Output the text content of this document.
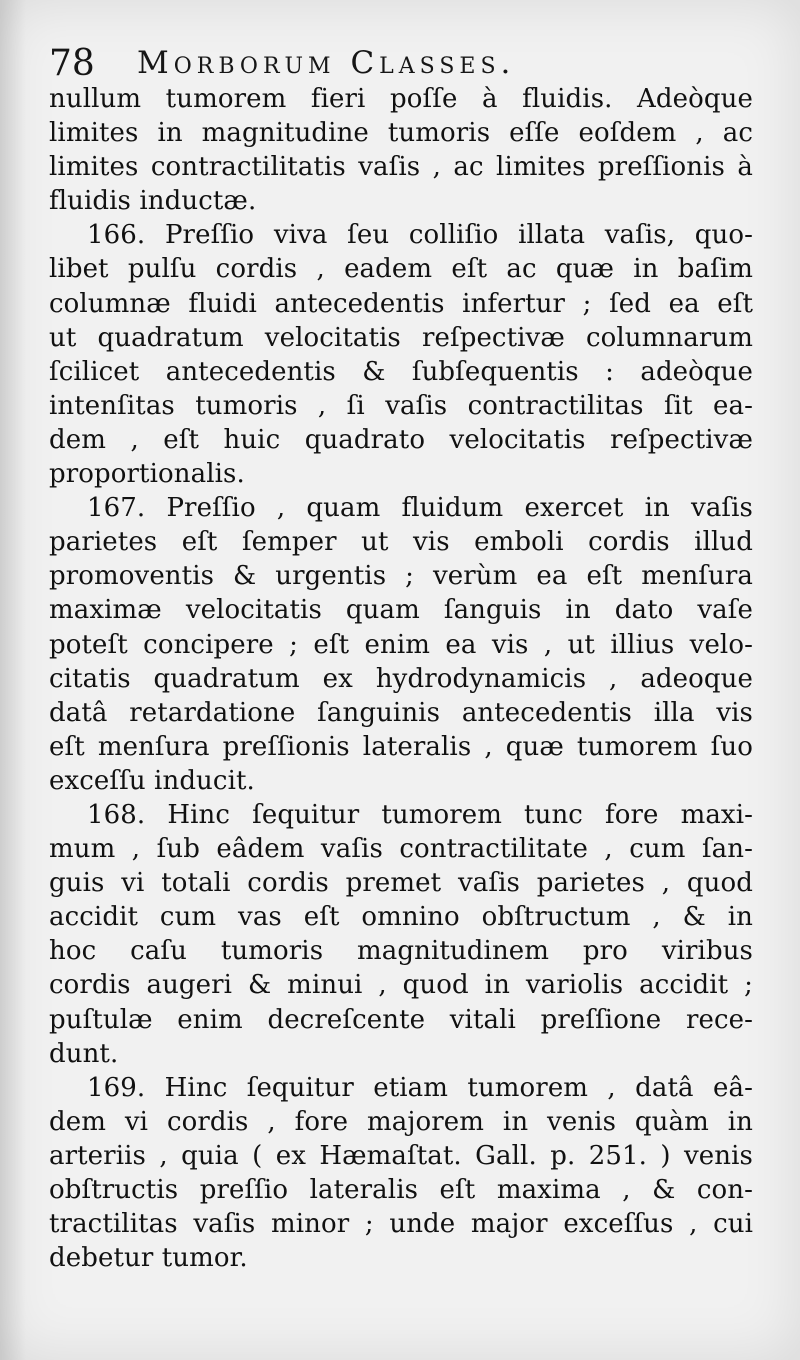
78 Morborum Classes.
nullum tumorem fieri poſſe à fluidis. Adeòque
limites in magnitudine tumoris eſſe eoſdem , ac
limites contractilitatis vaſis , ac limites preſſionis à
fluidis inductæ.
166. Preſſio viva ſeu colliſio illata vaſis, quo-
libet pulſu cordis , eadem eſt ac quæ in baſim
columnæ fluidi antecedentis infertur ; ſed ea eſt
ut quadratum velocitatis reſpectivæ columnarum
ſcilicet antecedentis & ſubſequentis : adeòque
intenſitas tumoris , ſi vaſis contractilitas ſit ea-
dem , eſt huic quadrato velocitatis reſpectivæ
proportionalis.
167. Preſſio , quam fluidum exercet in vaſis
parietes eſt ſemper ut vis emboli cordis illud
promoventis & urgentis ; verùm ea eſt menſura
maximæ velocitatis quam ſanguis in dato vaſe
poteſt concipere ; eſt enim ea vis , ut illius velo-
citatis quadratum ex hydrodynamicis , adeoque
datâ retardatione ſanguinis antecedentis illa vis
eſt menſura preſſionis lateralis , quæ tumorem ſuo
exceſſu inducit.
168. Hinc ſequitur tumorem tunc fore maxi-
mum , ſub eâdem vaſis contractilitate , cum ſan-
guis vi totali cordis premet vaſis parietes , quod
accidit cum vas eſt omnino obſtructum , & in
hoc caſu tumoris magnitudinem pro viribus
cordis augeri & minui , quod in variolis accidit ;
puſtulæ enim decreſcente vitali preſſione rece-
dunt.
169. Hinc ſequitur etiam tumorem , datâ eâ-
dem vi cordis , fore majorem in venis quàm in
arteriis , quia ( ex Hæmaſtat. Gall. p. 251. ) venis
obſtructis preſſio lateralis eſt maxima , & con-
tractilitas vaſis minor ; unde major exceſſus , cui
debetur tumor.
